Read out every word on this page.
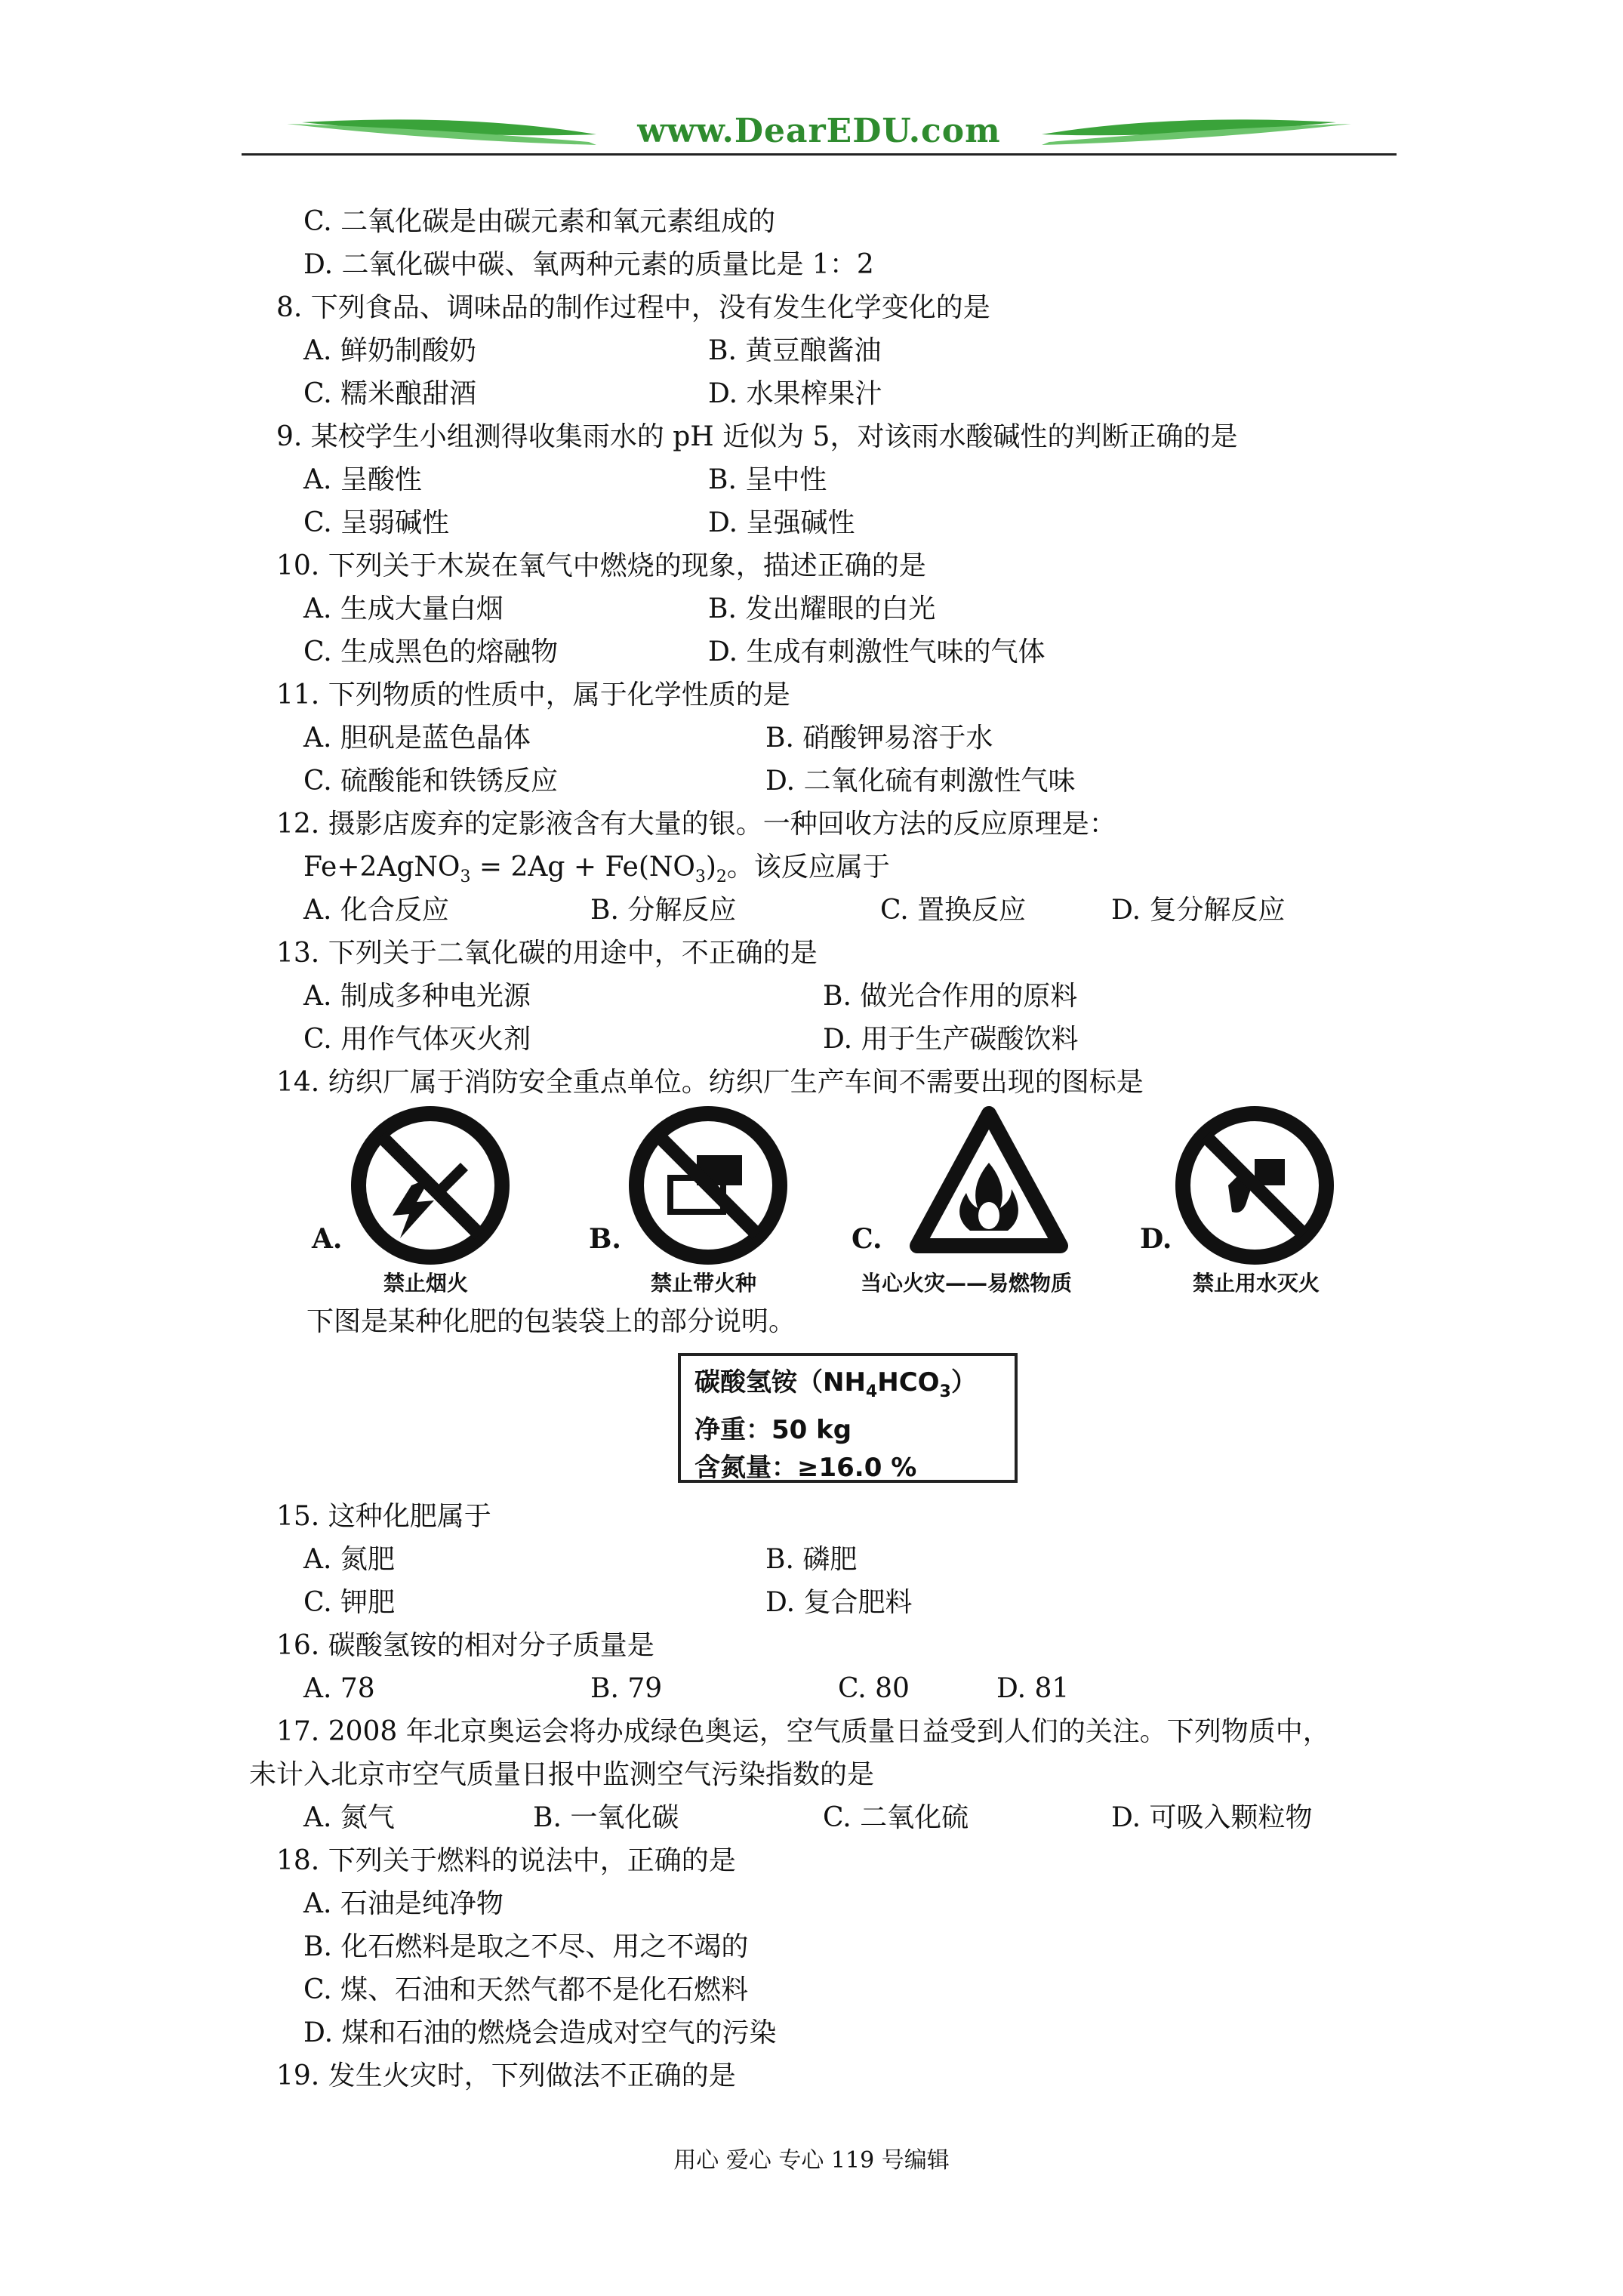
www.DearEDU.com
C. 二氧化碳是由碳元素和氧元素组成的
D. 二氧化碳中碳、氧两种元素的质量比是 1：2
8. 下列食品、调味品的制作过程中，没有发生化学变化的是
A. 鲜奶制酸奶	B. 黄豆酿酱油
C. 糯米酿甜酒	D. 水果榨果汁
9. 某校学生小组测得收集雨水的 pH 近似为 5，对该雨水酸碱性的判断正确的是
A. 呈酸性	B. 呈中性
C. 呈弱碱性	D. 呈强碱性
10. 下列关于木炭在氧气中燃烧的现象，描述正确的是
A. 生成大量白烟	B. 发出耀眼的白光
C. 生成黑色的熔融物	D. 生成有刺激性气味的气体
11. 下列物质的性质中，属于化学性质的是
A. 胆矾是蓝色晶体	B. 硝酸钾易溶于水
C. 硫酸能和铁锈反应	D. 二氧化硫有刺激性气味
12. 摄影店废弃的定影液含有大量的银。一种回收方法的反应原理是：
Fe+2AgNO$_3$ = $2Ag + Fe(NO_3)_2$。该反应属于
A. 化合反应	B. 分解反应	C. 置换反应	D. 复分解反应
13. 下列关于二氧化碳的用途中，不正确的是
A. 制成多种电光源	B. 做光合作用的原料
C. 用作气体灭火剂	D. 用于生产碳酸饮料
14. 纺织厂属于消防安全重点单位。纺织厂生产车间不需要出现的图标是
A.
禁止烟火
B.
禁止带火种
C.
当心火灾——易燃物质
D.
禁止用水灭火
下图是某种化肥的包装袋上的部分说明。
碳酸氢铵$(NH_4HCO_3)$
净重：50 kg
含氮量：≥16.0 %
15. 这种化肥属于
A. 氮肥	B. 磷肥
C. 钾肥	D. 复合肥料
16. 碳酸氢铵的相对分子质量是
A. 78	B. 79	C. 80	D. 81
17. 2008 年北京奥运会将办成绿色奥运，空气质量日益受到人们的关注。下列物质中，
未计入北京市空气质量日报中监测空气污染指数的是
A. 氮气	B. 一氧化碳	C. 二氧化硫	D. 可吸入颗粒物
18. 下列关于燃料的说法中，正确的是
A. 石油是纯净物
B. 化石燃料是取之不尽、用之不竭的
C. 煤、石油和天然气都不是化石燃料
D. 煤和石油的燃烧会造成对空气的污染
19. 发生火灾时，下列做法不正确的是
用心 爱心 专心 119 号编辑
